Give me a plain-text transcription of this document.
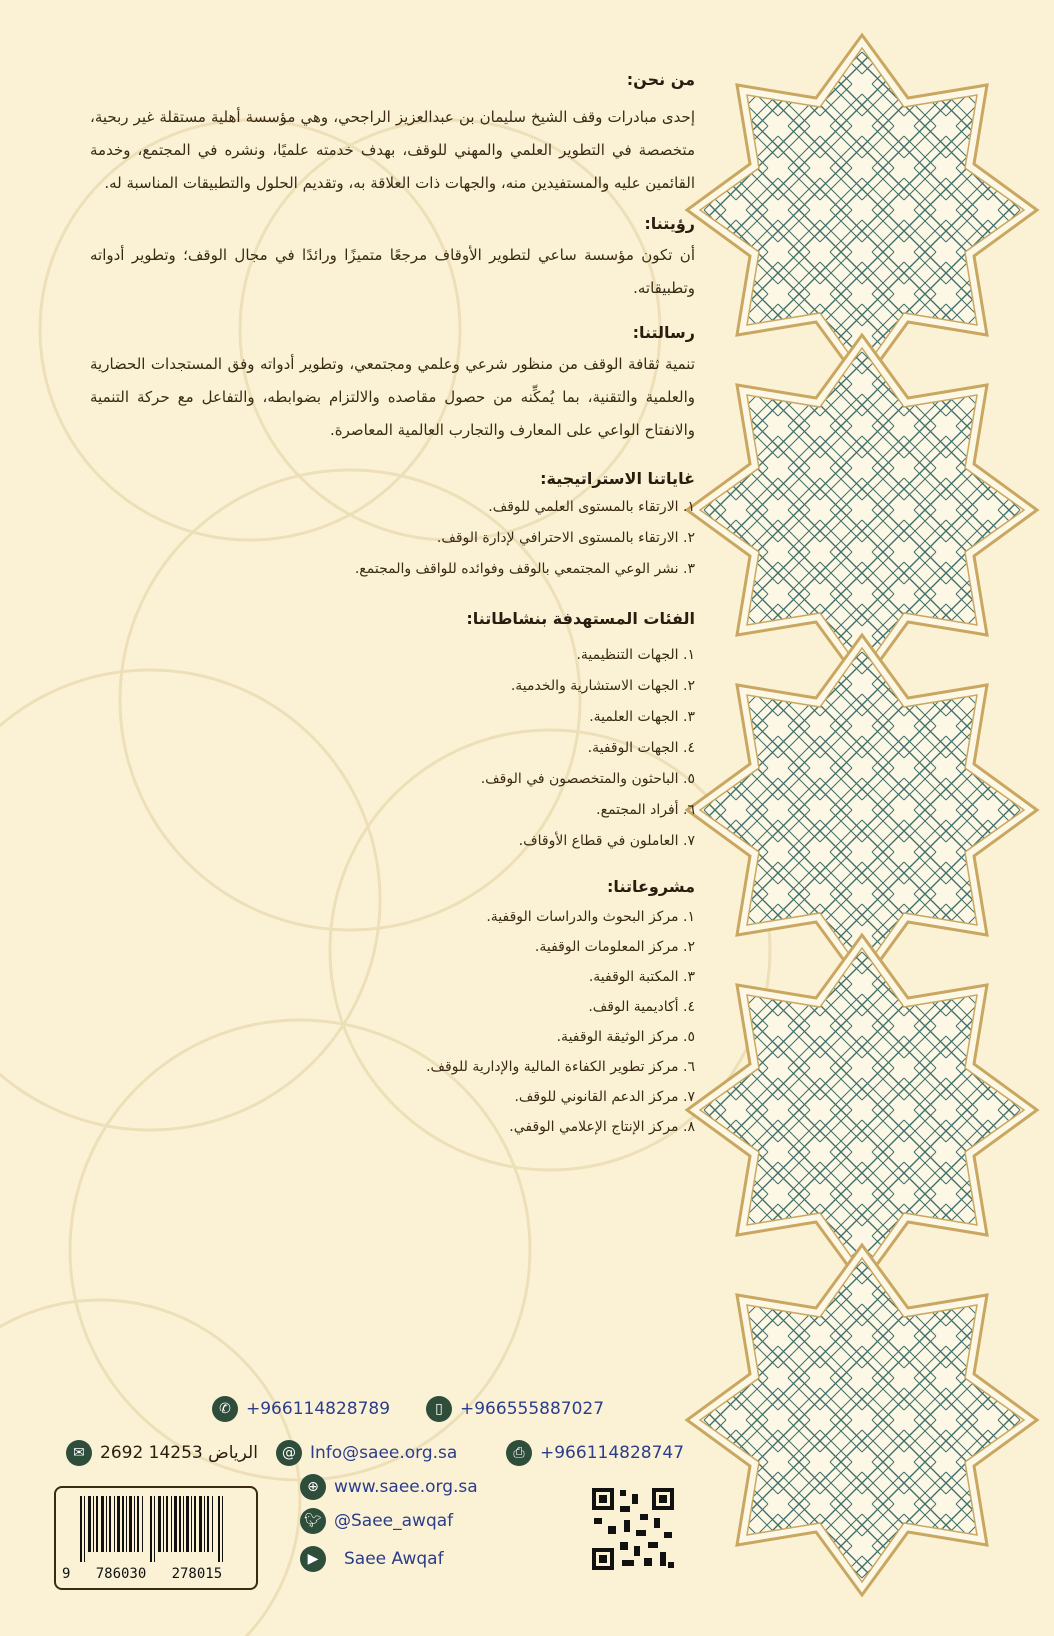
من نحن:

إحدى مبادرات وقف الشيخ سليمان بن عبدالعزيز الراجحي، وهي مؤسسة أهلية مستقلة غير ربحية، متخصصة في التطوير العلمي والمهني للوقف، بهدف خدمته علميًا، ونشره في المجتمع، وخدمة القائمين عليه والمستفيدين منه، والجهات ذات العلاقة به، وتقديم الحلول والتطبيقات المناسبة له.

رؤيتنا:

أن تكون مؤسسة ساعي لتطوير الأوقاف مرجعًا متميزًا ورائدًا في مجال الوقف؛ وتطوير أدواته وتطبيقاته.

رسالتنا:

تنمية ثقافة الوقف من منظور شرعي وعلمي ومجتمعي، وتطوير أدواته وفق المستجدات الحضارية والعلمية والتقنية، بما يُمكِّنه من حصول مقاصده والالتزام بضوابطه، والتفاعل مع حركة التنمية والانفتاح الواعي على المعارف والتجارب العالمية المعاصرة.

غاياتنا الاستراتيجية:
١. الارتقاء بالمستوى العلمي للوقف.
٢. الارتقاء بالمستوى الاحترافي لإدارة الوقف.
٣. نشر الوعي المجتمعي بالوقف وفوائده للواقف والمجتمع.
الفئات المستهدفة بنشاطاتنا:
١. الجهات التنظيمية.
٢. الجهات الاستشارية والخدمية.
٣. الجهات العلمية.
٤. الجهات الوقفية.
٥. الباحثون والمتخصصون في الوقف.
٦. أفراد المجتمع.
٧. العاملون في قطاع الأوقاف.
مشروعاتنا:
١. مركز البحوث والدراسات الوقفية.
٢. مركز المعلومات الوقفية.
٣. المكتبة الوقفية.
٤. أكاديمية الوقف.
٥. مركز الوثيقة الوقفية.
٦. مركز تطوير الكفاءة المالية والإدارية للوقف.
٧. مركز الدعم القانوني للوقف.
٨. مركز الإنتاج الإعلامي الوقفي.
✆ +966114828789	▯	+966555887027
✉ 2692 الرياض 14253	@ Info@saee.org.sa	⎙ +966114828747
⊕ www.saee.org.sa
🐦︎ @Saee_awqaf
▶	Saee Awqaf
9   786030   278015
